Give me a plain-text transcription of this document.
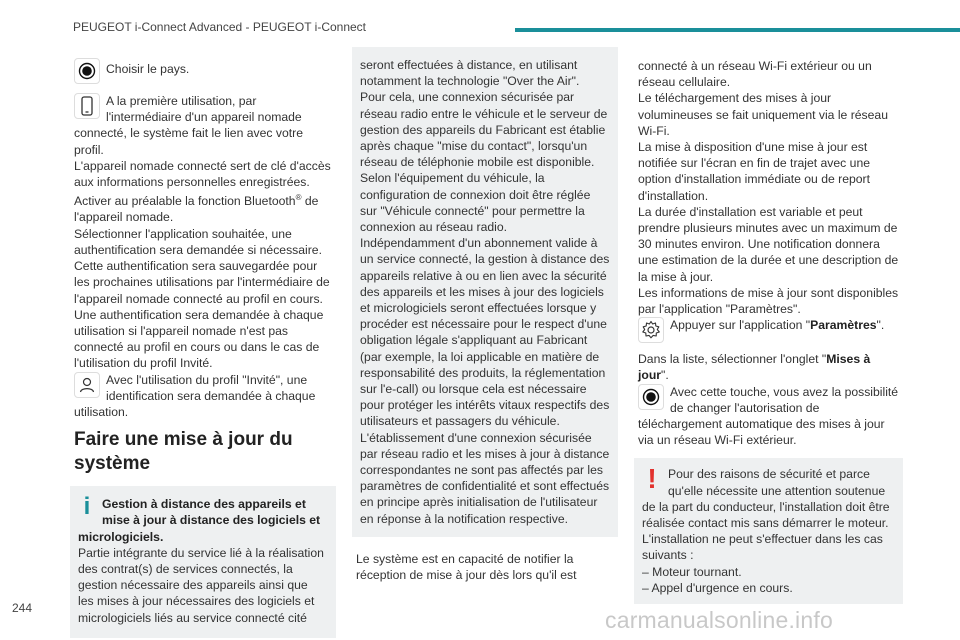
PEUGEOT i-Connect Advanced - PEUGEOT i-Connect

Choisir le pays.

A la première utilisation, par

l'intermédiaire d'un appareil nomade connecté, le système fait le lien avec votre profil.

L'appareil nomade connecté sert de clé d'accès aux informations personnelles enregistrées.

Activer au préalable la fonction Bluetooth® de l'appareil nomade.

Sélectionner l'application souhaitée, une authentification sera demandée si nécessaire.

Cette authentification sera sauvegardée pour les prochaines utilisations par l'intermédiaire de l'appareil nomade connecté au profil en cours.

Une authentification sera demandée à chaque utilisation si l'appareil nomade n'est pas connecté au profil en cours ou dans le cas de l'utilisation du profil Invité.

Avec l'utilisation du profil "Invité", une identification sera demandée à chaque utilisation.

Faire une mise à jour du système
i Gestion à distance des appareils et mise à jour à distance des logiciels et micrologiciels.

Partie intégrante du service lié à la réalisation des contrat(s) de services connectés, la gestion nécessaire des appareils ainsi que les mises à jour nécessaires des logiciels et micrologiciels liés au service connecté cité

seront effectuées à distance, en utilisant notamment la technologie "Over the Air".

Pour cela, une connexion sécurisée par réseau radio entre le véhicule et le serveur de gestion des appareils du Fabricant est établie après chaque "mise du contact", lorsqu'un réseau de téléphonie mobile est disponible. Selon l'équipement du véhicule, la configuration de connexion doit être réglée sur "Véhicule connecté" pour permettre la connexion au réseau radio.

Indépendamment d'un abonnement valide à un service connecté, la gestion à distance des appareils relative à ou en lien avec la sécurité des appareils et les mises à jour des logiciels et micrologiciels seront effectuées lorsque y procéder est nécessaire pour le respect d'une obligation légale s'appliquant au Fabricant (par exemple, la loi applicable en matière de responsabilité des produits, la réglementation sur l'e-call) ou lorsque cela est nécessaire pour protéger les intérêts vitaux respectifs des utilisateurs et passagers du véhicule.

L'établissement d'une connexion sécurisée par réseau radio et les mises à jour à distance correspondantes ne sont pas affectés par les paramètres de confidentialité et sont effectués en principe après initialisation de l'utilisateur en réponse à la notification respective.

Le système est en capacité de notifier la réception de mise à jour dès lors qu'il est

connecté à un réseau Wi-Fi extérieur ou un réseau cellulaire.

Le téléchargement des mises à jour volumineuses se fait uniquement via le réseau Wi-Fi.

La mise à disposition d'une mise à jour est notifiée sur l'écran en fin de trajet avec une option d'installation immédiate ou de report d'installation.

La durée d'installation est variable et peut prendre plusieurs minutes avec un maximum de 30 minutes environ. Une notification donnera une estimation de la durée et une description de la mise à jour.

Les informations de mise à jour sont disponibles par l'application "Paramètres".

Appuyer sur l'application "Paramètres".

Dans la liste, sélectionner l'onglet "Mises à jour".

Avec cette touche, vous avez la possibilité de changer l'autorisation de téléchargement automatique des mises à jour via un réseau Wi-Fi extérieur.

! Pour des raisons de sécurité et parce qu'elle nécessite une attention soutenue de la part du conducteur, l'installation doit être réalisée contact mis sans démarrer le moteur.

L'installation ne peut s'effectuer dans les cas suivants :

– Moteur tournant.

– Appel d'urgence en cours.

244	carmanualsonline.info
